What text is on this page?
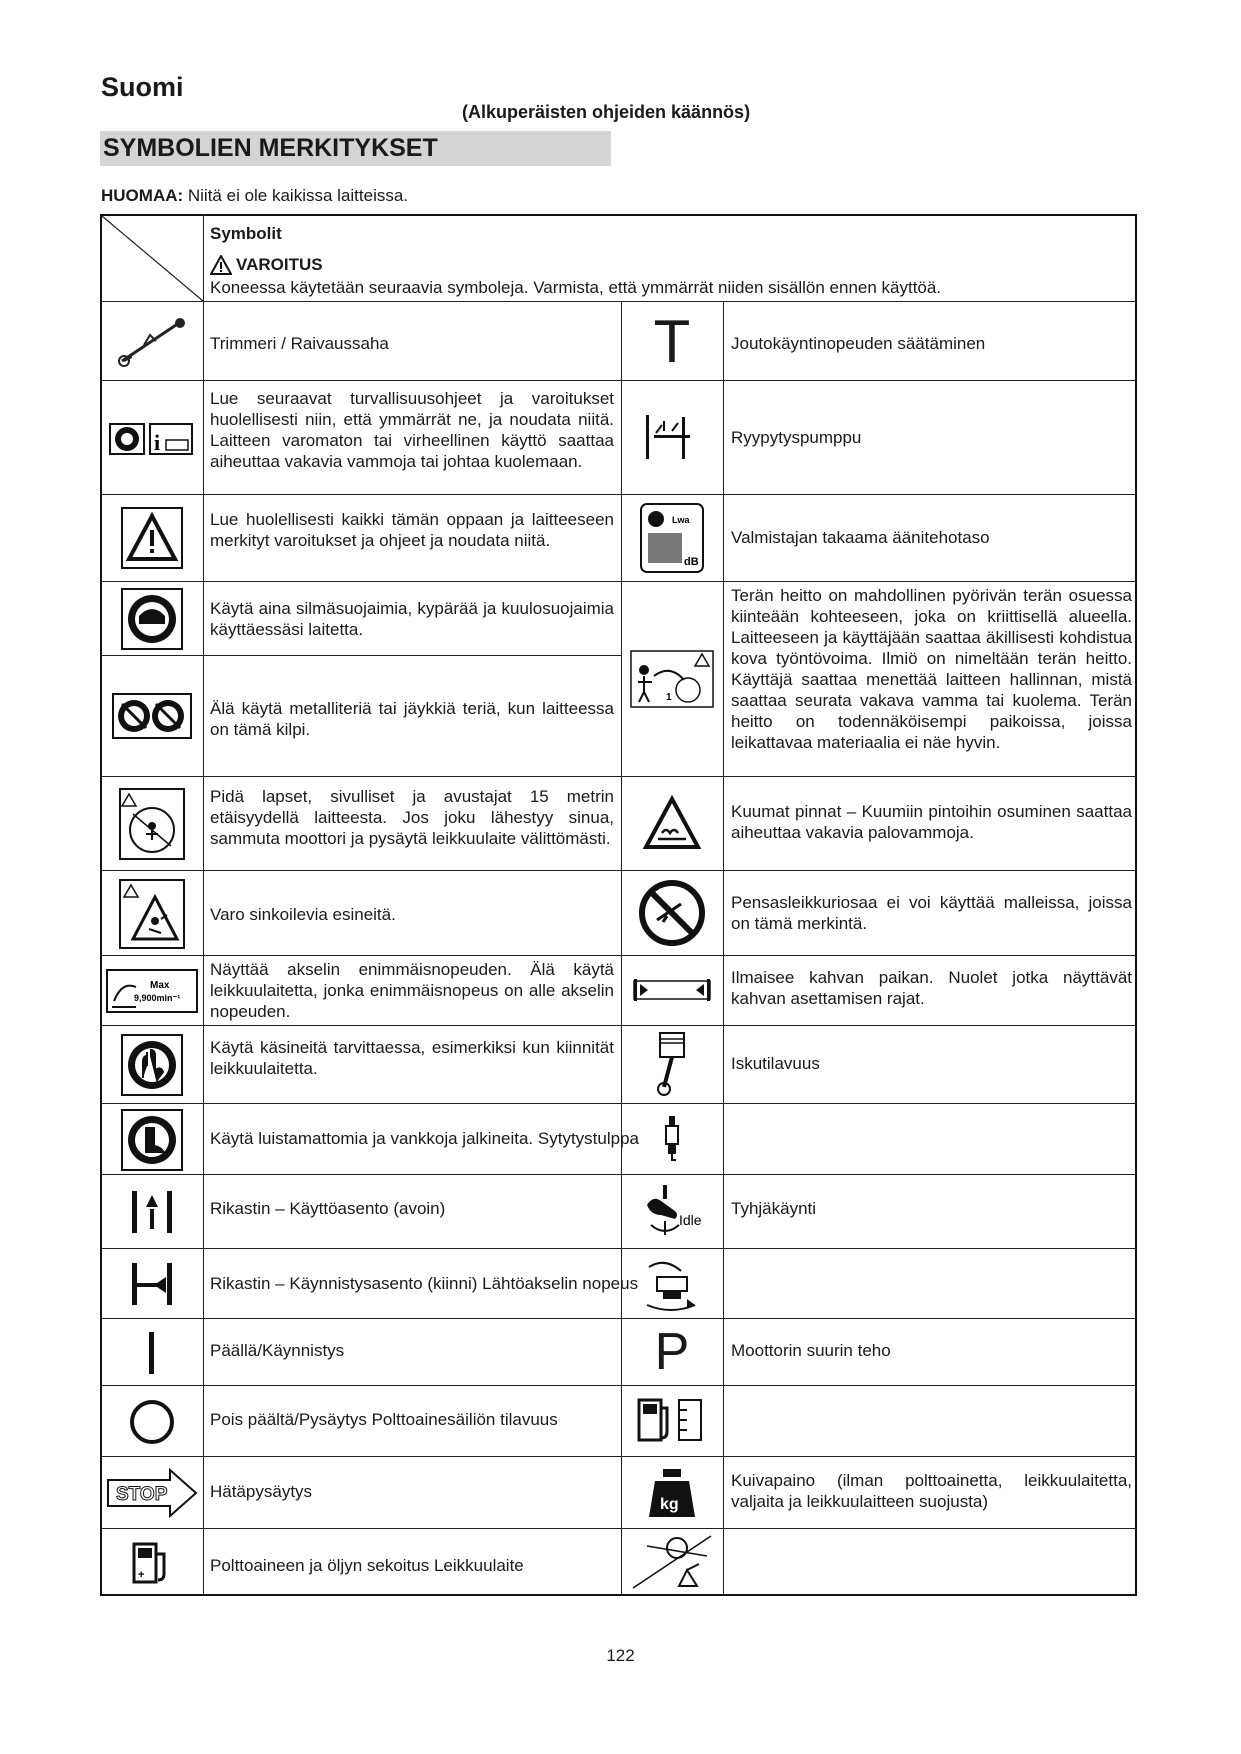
Suomi
(Alkuperäisten ohjeiden käännös)
SYMBOLIEN MERKITYKSET
HUOMAA: Niitä ei ole kaikissa laitteissa.
Symbolit
VAROITUS
Koneessa käytetään seuraavia symboleja. Varmista, että ymmärrät niiden sisällön ennen käyttöä.
Trimmeri / Raivaussaha
i
Lue seuraavat turvallisuusohjeet ja varoitukset huolellisesti niin, että ymmärrät ne, ja noudata niitä. Laitteen varomaton tai virheellinen käyttö saattaa aiheuttaa vakavia vammoja tai johtaa kuolemaan.
Lue huolellisesti kaikki tämän oppaan ja laitteeseen merkityt varoitukset ja ohjeet ja noudata niitä.
Käytä aina silmäsuojaimia, kypärää ja kuulosuojaimia käyttäessäsi laitetta.
Älä käytä metalliteriä tai jäykkiä teriä, kun laitteessa on tämä kilpi.
Pidä lapset, sivulliset ja avustajat 15 metrin etäisyydellä laitteesta. Jos joku lähestyy sinua, sammuta moottori ja pysäytä leikkuulaite välittömästi.
Varo sinkoilevia esineitä.
Max
9,900min⁻¹
Näyttää akselin enimmäisnopeuden. Älä käytä leikkuulaitetta, jonka enimmäisnopeus on alle akselin nopeuden.
Käytä käsineitä tarvittaessa, esimerkiksi kun kiinnität leikkuulaitetta.
Käytä luistamattomia ja vankkoja jalkineita. Sytytystulppa
Rikastin – Käyttöasento (avoin)
Rikastin – Käynnistysasento (kiinni) Lähtöakselin nopeus
Päällä/Käynnistys
Pois päältä/Pysäytys Polttoainesäiliön tilavuus
STOP	Hätäpysäytys
+	Polttoaineen ja öljyn sekoitus Leikkuulaite
T
Lwa
dB
1
Idle
P
kg
Joutokäyntinopeuden säätäminen
Ryypytyspumppu
Valmistajan takaama äänitehotaso
Terän heitto on mahdollinen pyörivän terän osuessa kiinteään kohteeseen, joka on kriittisellä alueella. Laitteeseen ja käyttäjään saattaa äkillisesti kohdistua kova työntövoima. Ilmiö on nimeltään terän heitto. Käyttäjä saattaa menettää laitteen hallinnan, mistä saattaa seurata vakava vamma tai kuolema. Terän heitto on todennäköisempi paikoissa, joissa leikattavaa materiaalia ei näe hyvin.
Kuumat pinnat – Kuumiin pintoihin osuminen saattaa aiheuttaa vakavia palovammoja.
Pensasleikkuriosaa ei voi käyttää malleissa, joissa on tämä merkintä.
Ilmaisee kahvan paikan. Nuolet jotka näyttävät kahvan asettamisen rajat.
Iskutilavuus
Tyhjäkäynti
Moottorin suurin teho
Kuivapaino (ilman polttoainetta, leikkuulaitetta, valjaita ja leikkuulaitteen suojusta)
122
